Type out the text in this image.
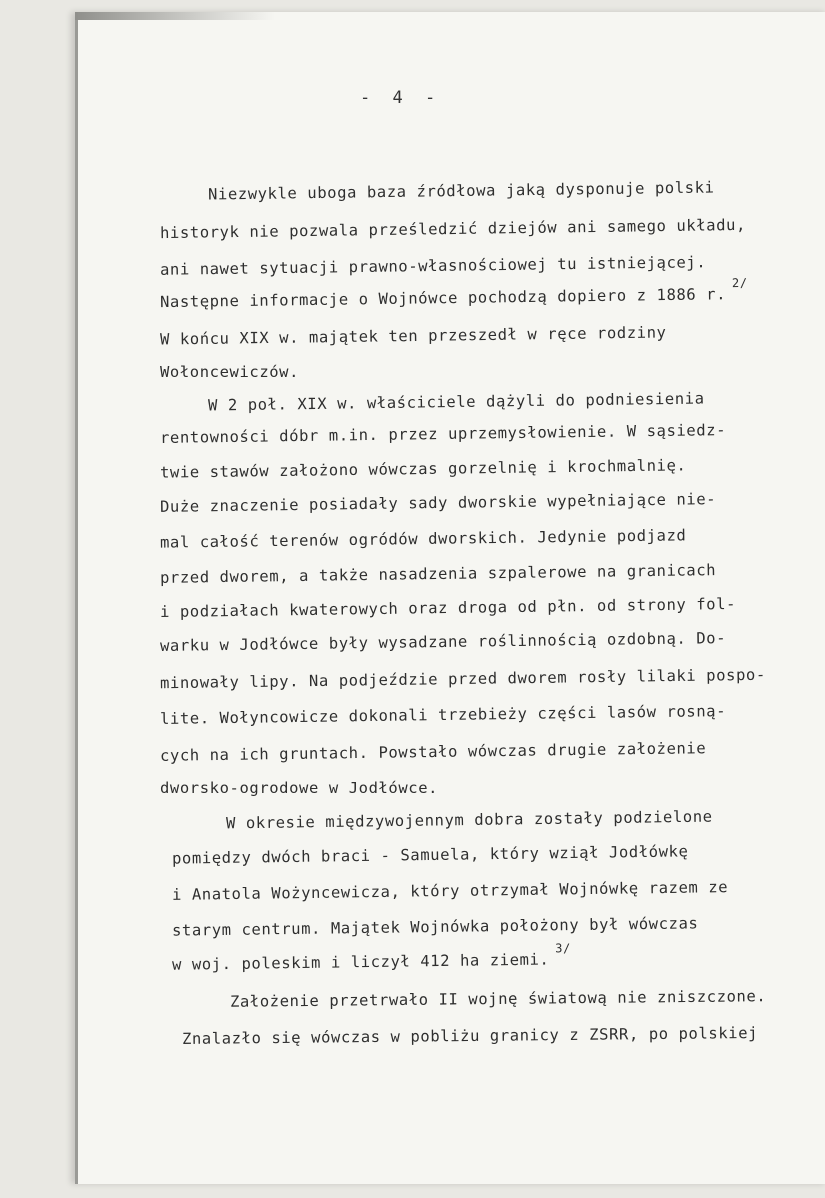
- 4 -
Niezwykle uboga baza źródłowa jaką dysponuje polski
historyk nie pozwala prześledzić dziejów ani samego układu,
ani nawet sytuacji prawno-własnościowej tu istniejącej.
Następne informacje o Wojnówce pochodzą dopiero z 1886 r.$^{2/}$
W końcu XIX w. majątek ten przeszedł w ręce rodziny
Wołoncewiczów.
W 2 poł. XIX w. właściciele dążyli do podniesienia
rentowności dóbr m.in. przez uprzemysłowienie. W sąsiedz-
twie stawów założono wówczas gorzelnię i krochmalnię.
Duże znaczenie posiadały sady dworskie wypełniające nie-
mal całość terenów ogródów dworskich. Jedynie podjazd
przed dworem, a także nasadzenia szpalerowe na granicach
i podziałach kwaterowych oraz droga od płn. od strony fol-
warku w Jodłówce były wysadzane roślinnością ozdobną. Do-
minowały lipy. Na podjeździe przed dworem rosły lilaki pospo-
lite. Wołyncowicze dokonali trzebieży części lasów rosną-
cych na ich gruntach. Powstało wówczas drugie założenie
dworsko-ogrodowe w Jodłówce.
W okresie międzywojennym dobra zostały podzielone
pomiędzy dwóch braci - Samuela, który wziął Jodłówkę
i Anatola Wożyncewicza, który otrzymał Wojnówkę razem ze
starym centrum. Majątek Wojnówka położony był wówczas
w woj. poleskim i liczył 412 ha ziemi.$^{3/}$
Założenie przetrwało II wojnę światową nie zniszczone.
Znalazło się wówczas w pobliżu granicy z ZSRR, po polskiej
